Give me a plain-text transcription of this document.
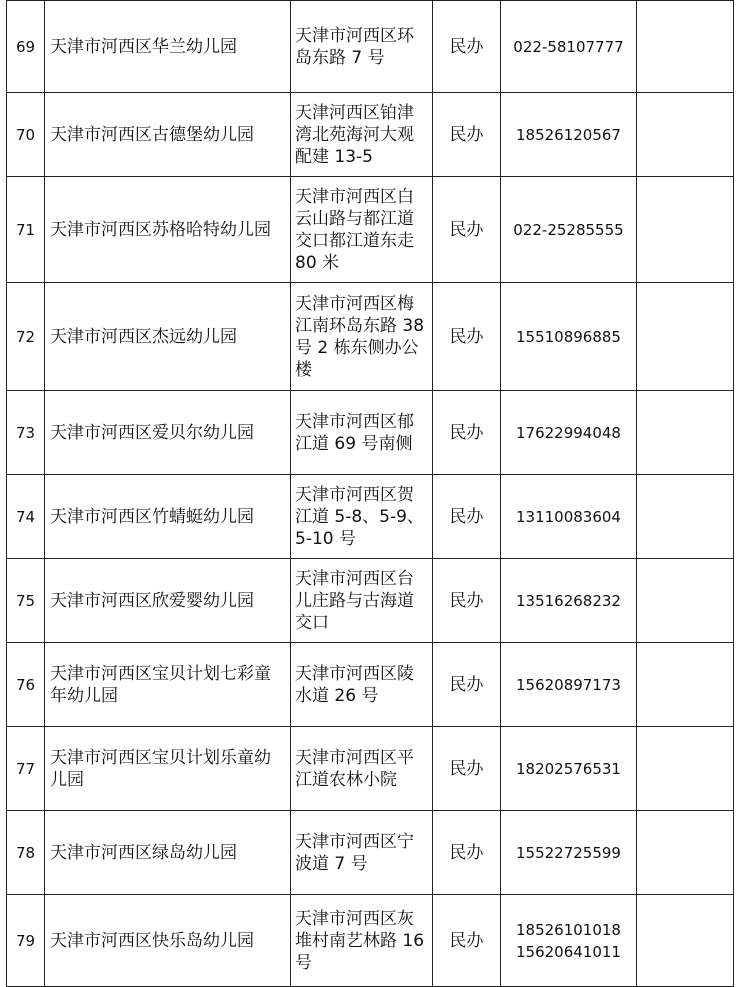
69	天津市河西区华兰幼儿园	天津市河西区环岛东路 7 号	民办	022-58107777	

70	天津市河西区古德堡幼儿园	天津河西区铂津湾北苑海河大观配建 13-5	民办	18526120567	

71	天津市河西区苏格哈特幼儿园	天津市河西区白云山路与都江道交口都江道东走 80 米	民办	022-25285555	

72	天津市河西区杰远幼儿园	天津市河西区梅江南环岛东路 38 号 2 栋东侧办公楼	民办	15510896885	

73	天津市河西区爱贝尔幼儿园	天津市河西区郁江道 69 号南侧	民办	17622994048	

74	天津市河西区竹蜻蜓幼儿园	天津市河西区贺江道 5-8、5-9、5-10 号	民办	13110083604	

75	天津市河西区欣爱婴幼儿园	天津市河西区台儿庄路与古海道交口	民办	13516268232	

76	天津市河西区宝贝计划七彩童年幼儿园	天津市河西区陵水道 26 号	民办	15620897173	

77	天津市河西区宝贝计划乐童幼儿园	天津市河西区平江道农林小院	民办	18202576531	

78	天津市河西区绿岛幼儿园	天津市河西区宁波道 7 号	民办	15522725599	

79	天津市河西区快乐岛幼儿园	天津市河西区灰堆村南艺林路 16 号	民办	18526101018
15620641011	
